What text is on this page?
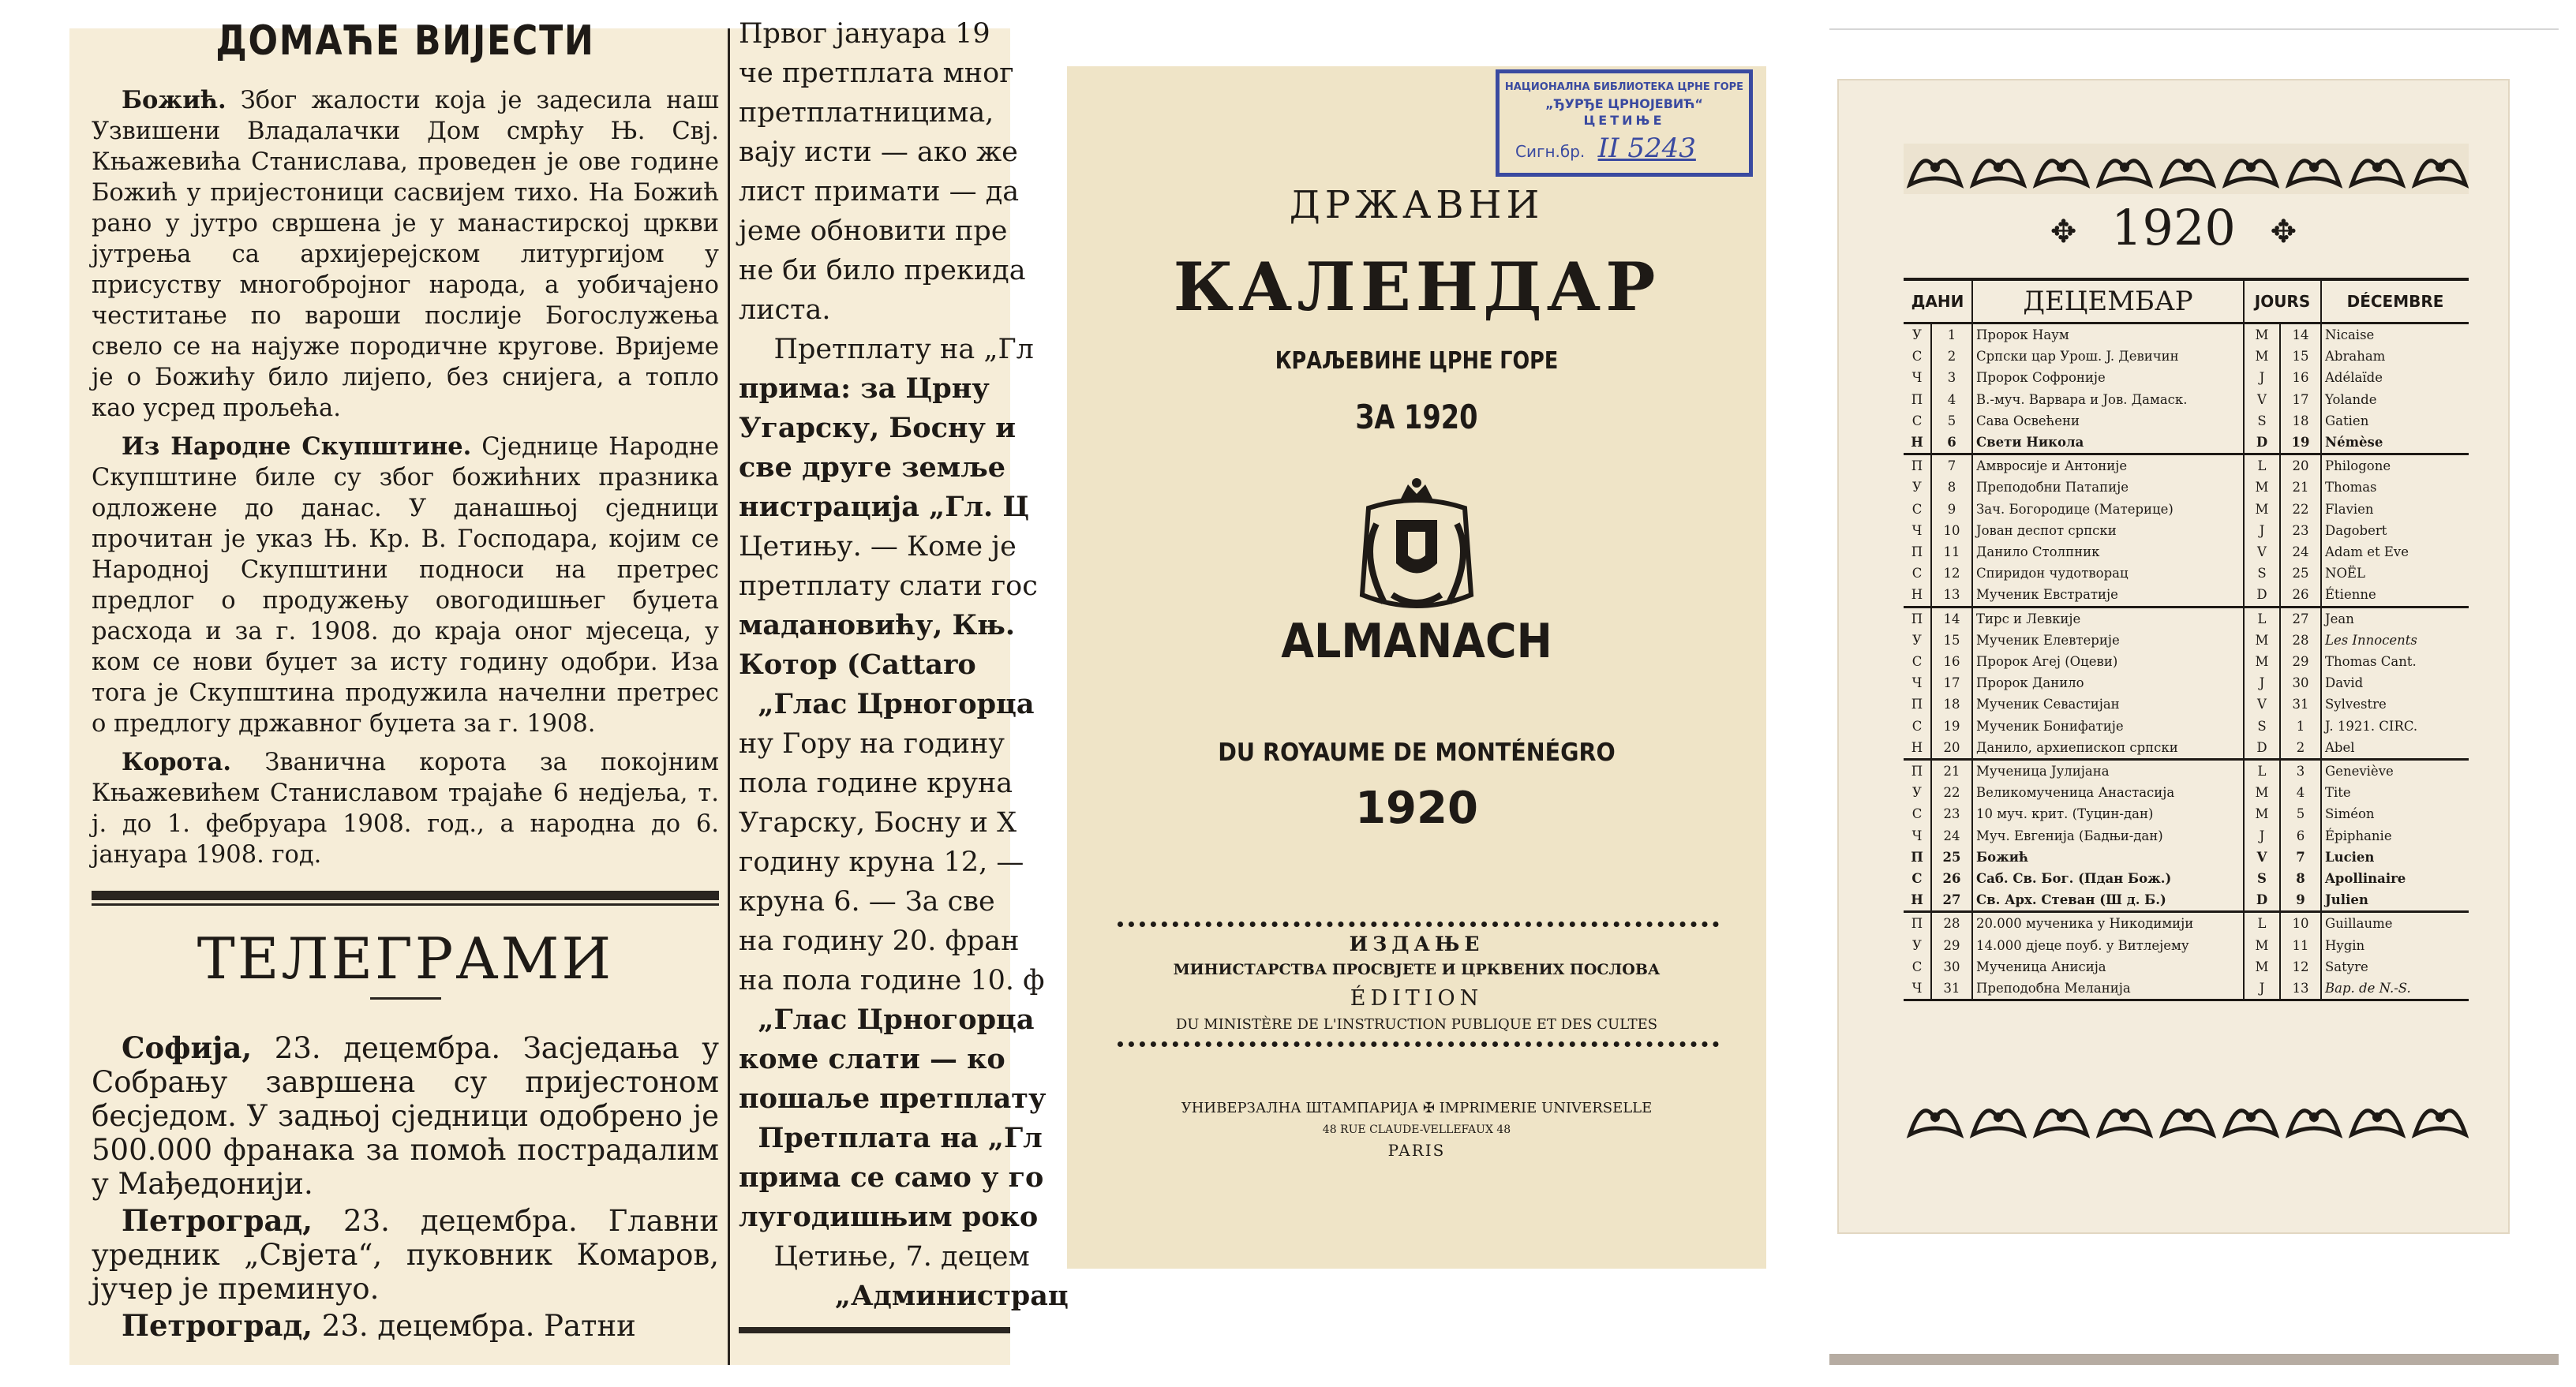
ДОМАЋЕ ВИЈЕСТИ

Божић. Због жалости која је задесила наш Узвишени Владалачки Дом смрћу Њ. Свј. Књажевића Станислава, проведен је ове године Божић у пријестоници сасвијем тихо. На Божић рано у јутро свршена је у манастирској цркви јутрења са архијерејском литургијом у присуству многобројног народа, а уобичајено честитање по вароши послије Богослужења свело се на најуже породичне кругове. Вријеме је о Божићу било лијепо, без снијега, а топло као усред прољећа.

Из Народне Скупштине. Сједнице Народне Скупштине биле су због божићних празника одложене до данас. У данашњој сједници прочитан је указ Њ. Кр. В. Господара, којим се Народној Скупштини подноси на претрес предлог о продужењу овогодишњег буџета расхода и за г. 1908. до краја оног мјесеца, у ком се нови буџет за исту годину одобри. Иза тога је Скупштина продужила начелни претрес о предлогу државног буџета за г. 1908.

Корота. Званична корота за покојним Књажевићем Станиславом трајаће 6 недјеља, т. ј. до 1. фебруара 1908. год., а народна до 6. јануара 1908. год.

ТЕЛЕГРАМИ

Софија, 23. децембра. Засједања у Собрању завршена су пријестоном бесједом. У задњој сједници одобрено је 500.000 франака за помоћ пострадалим у Мађедонији.

Петроград, 23. децембра. Главни уредник „Свјета“, пуковник Комаров, јучер је преминуо.

Петроград, 23. децембра. Ратни

Првог јануара 19
че претплата мног
претплатницима,
вају исти — ако же
лист примати — да
јеме обновити пре
не би било прекида
листа.
Претплату на „Гл
прима: за Црну
Угарску, Босну и
све друге земље
нистрација „Гл. Ц
Цетињу. — Коме је
претплату слати гос
мадановићу, Књ.
Котор (Cattaro
„Глас Црногорца
ну Гору на годину
пола године круна
Угарску, Босну и Х
годину круна 12, —
круна 6. — За све
на годину 20. фран
на пола године 10. ф
„Глас Црногорца
коме слати — ко
пошаље претплату
Претплата на „Гл
прима се само у го
лугодишњим роко
Цетиње, 7. децем
„Администрац
НАЦИОНАЛНА БИБЛИОТЕКА ЦРНЕ ГОРЕ
„ЂУРЂЕ ЦРНОЈЕВИЋ“
ЦЕТИЊЕ
Сигн.бр. II 5243
ДРЖАВНИ
КАЛЕНДАР
КРАЉЕВИНЕ ЦРНЕ ГОРЕ
ЗА 1920
ALMANACH
DU ROYAUME DE MONTÉNÉGRO
1920
ИЗДАЊЕ
МИНИСТАРСТВА ПРОСВЈЕТЕ И ЦРКВЕНИХ ПОСЛОВА
ÉDITION
DU MINISTÈRE DE L'INSTRUCTION PUBLIQUE ET DES CULTES
УНИВЕРЗАЛНА ШТАМПАРИЈА ✠ IMPRIMERIE UNIVERSELLE
48 RUE CLAUDE-VELLEFAUX 48
PARIS
✥ 1920 ✥
ДАНИ		ДЕЦЕМБАР	JOURS		DÉCEMBRE
У	1	Пророк Наум	M	14	Nicaise
С	2	Српски цар Урош. J. Девичин	M	15	Abraham
Ч	3	Пророк Софронијe	J	16	Adélaïde
П	4	В.-муч. Варвара и Јов. Дамаск.	V	17	Yolande
С	5	Сава Освећени	S	18	Gatien
Н	6	Свети Никола	D	19	Némèse
П	7	Амвросије и Антоније	L	20	Philogone
У	8	Преподобни Патапије	M	21	Thomas
С	9	Зач. Богородице (Материце)	M	22	Flavien
Ч	10	Јован деспот српски	J	23	Dagobert
П	11	Данило Столпник	V	24	Adam et Eve
С	12	Спиридон чудотворац	S	25	NOËL
Н	13	Мученик Евстратије	D	26	Étienne
П	14	Тирс и Левкије	L	27	Jean
У	15	Мученик Елевтерије	M	28	Les Innocents
С	16	Пророк Агеј (Оцеви)	M	29	Thomas Cant.
Ч	17	Пророк Данило	J	30	David
П	18	Мученик Севастијан	V	31	Sylvestre
С	19	Мученик Бонифатије	S	1	J. 1921. CIRC.
Н	20	Данило, архиепископ српски	D	2	Abel
П	21	Мученица Јулијана	L	3	Geneviève
У	22	Великомученица Анастасија	M	4	Tite
С	23	10 муч. крит. (Туцин-дан)	M	5	Siméon
Ч	24	Муч. Евгенија (Бадњи-дан)	J	6	Épiphanie
П	25	Божић	V	7	Lucien
С	26	Саб. Св. Бог. (Пдан Бож.)	S	8	Apollinaire
Н	27	Св. Арх. Стеван (Ш д. Б.)	D	9	Julien
П	28	20.000 мученика у Никодимији	L	10	Guillaume
У	29	14.000 дјеце поуб. у Витлејему	M	11	Hygin
С	30	Мученица Анисија	M	12	Satyre
Ч	31	Преподобна Меланија	J	13	Bap. de N.-S.
